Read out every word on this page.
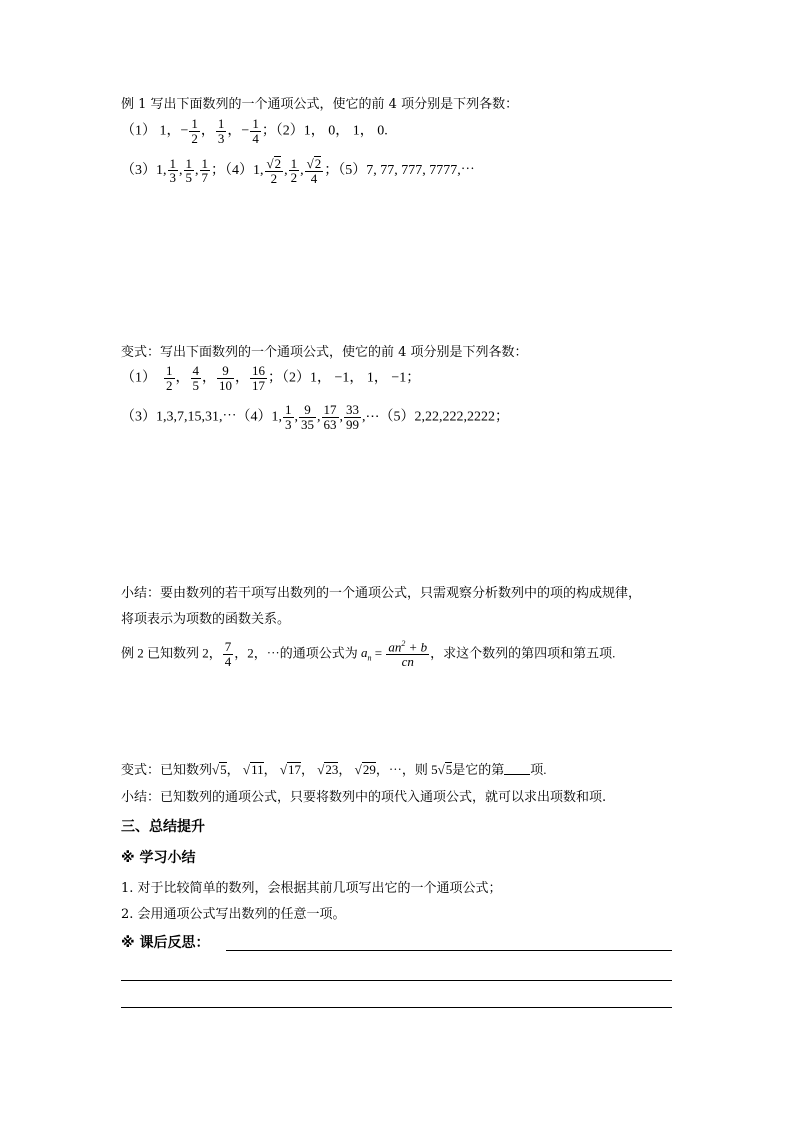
例 1 写出下面数列的一个通项公式，使它的前 4 项分别是下列各数：
（1） 1，− $\frac{1}{2}$ ， $\frac{1}{3}$ ，− $\frac{1}{4}$ ；（2）1， 0， 1， 0.
（3）1, $\frac{1}{3}$ , $\frac{1}{5}$ , $\frac{1}{7}$ ；（4）1, √ $\frac{2}{2}$ , $\frac{1}{2}$ , √ $\frac{2}{4}$ ；（5）7, 77, 777, 7777,⋯
变式：写出下面数列的一个通项公式，使它的前 4 项分别是下列各数：
$(1) \frac{1}{2}$ ， $\frac{4}{5}$ ， $\frac{9}{10}$ ， $\frac{16}{17}$ ；（2）1， −1， 1， −1；
（3）1,3,7,15,31,⋯（4）1, $\frac{1}{3}$ , $\frac{9}{35}$ , $\frac{17}{63}$ , $\frac{33}{99}$ ,⋯（5）2,22,222,2222；
小结：要由数列的若干项写出数列的一个通项公式，只需观察分析数列中的项的构成规律，
将项表示为项数的函数关系。
例 2 已知数列 2， $\frac{7}{4}$ ，2，⋯的通项公式为 $a_n = \frac{an^2 + b}{cn}$ ，求这个数列的第四项和第五项.
变式：已知数列 √ 5， √ 11， √ 17， √ 23， √ 29，⋯，则 5 √ 5是它的第 项.
小结：已知数列的通项公式，只要将数列中的项代入通项公式，就可以求出项数和项.
三、总结提升
※ 学习小结
1. 对于比较简单的数列，会根据其前几项写出它的一个通项公式；
2. 会用通项公式写出数列的任意一项。
※ 课后反思：
